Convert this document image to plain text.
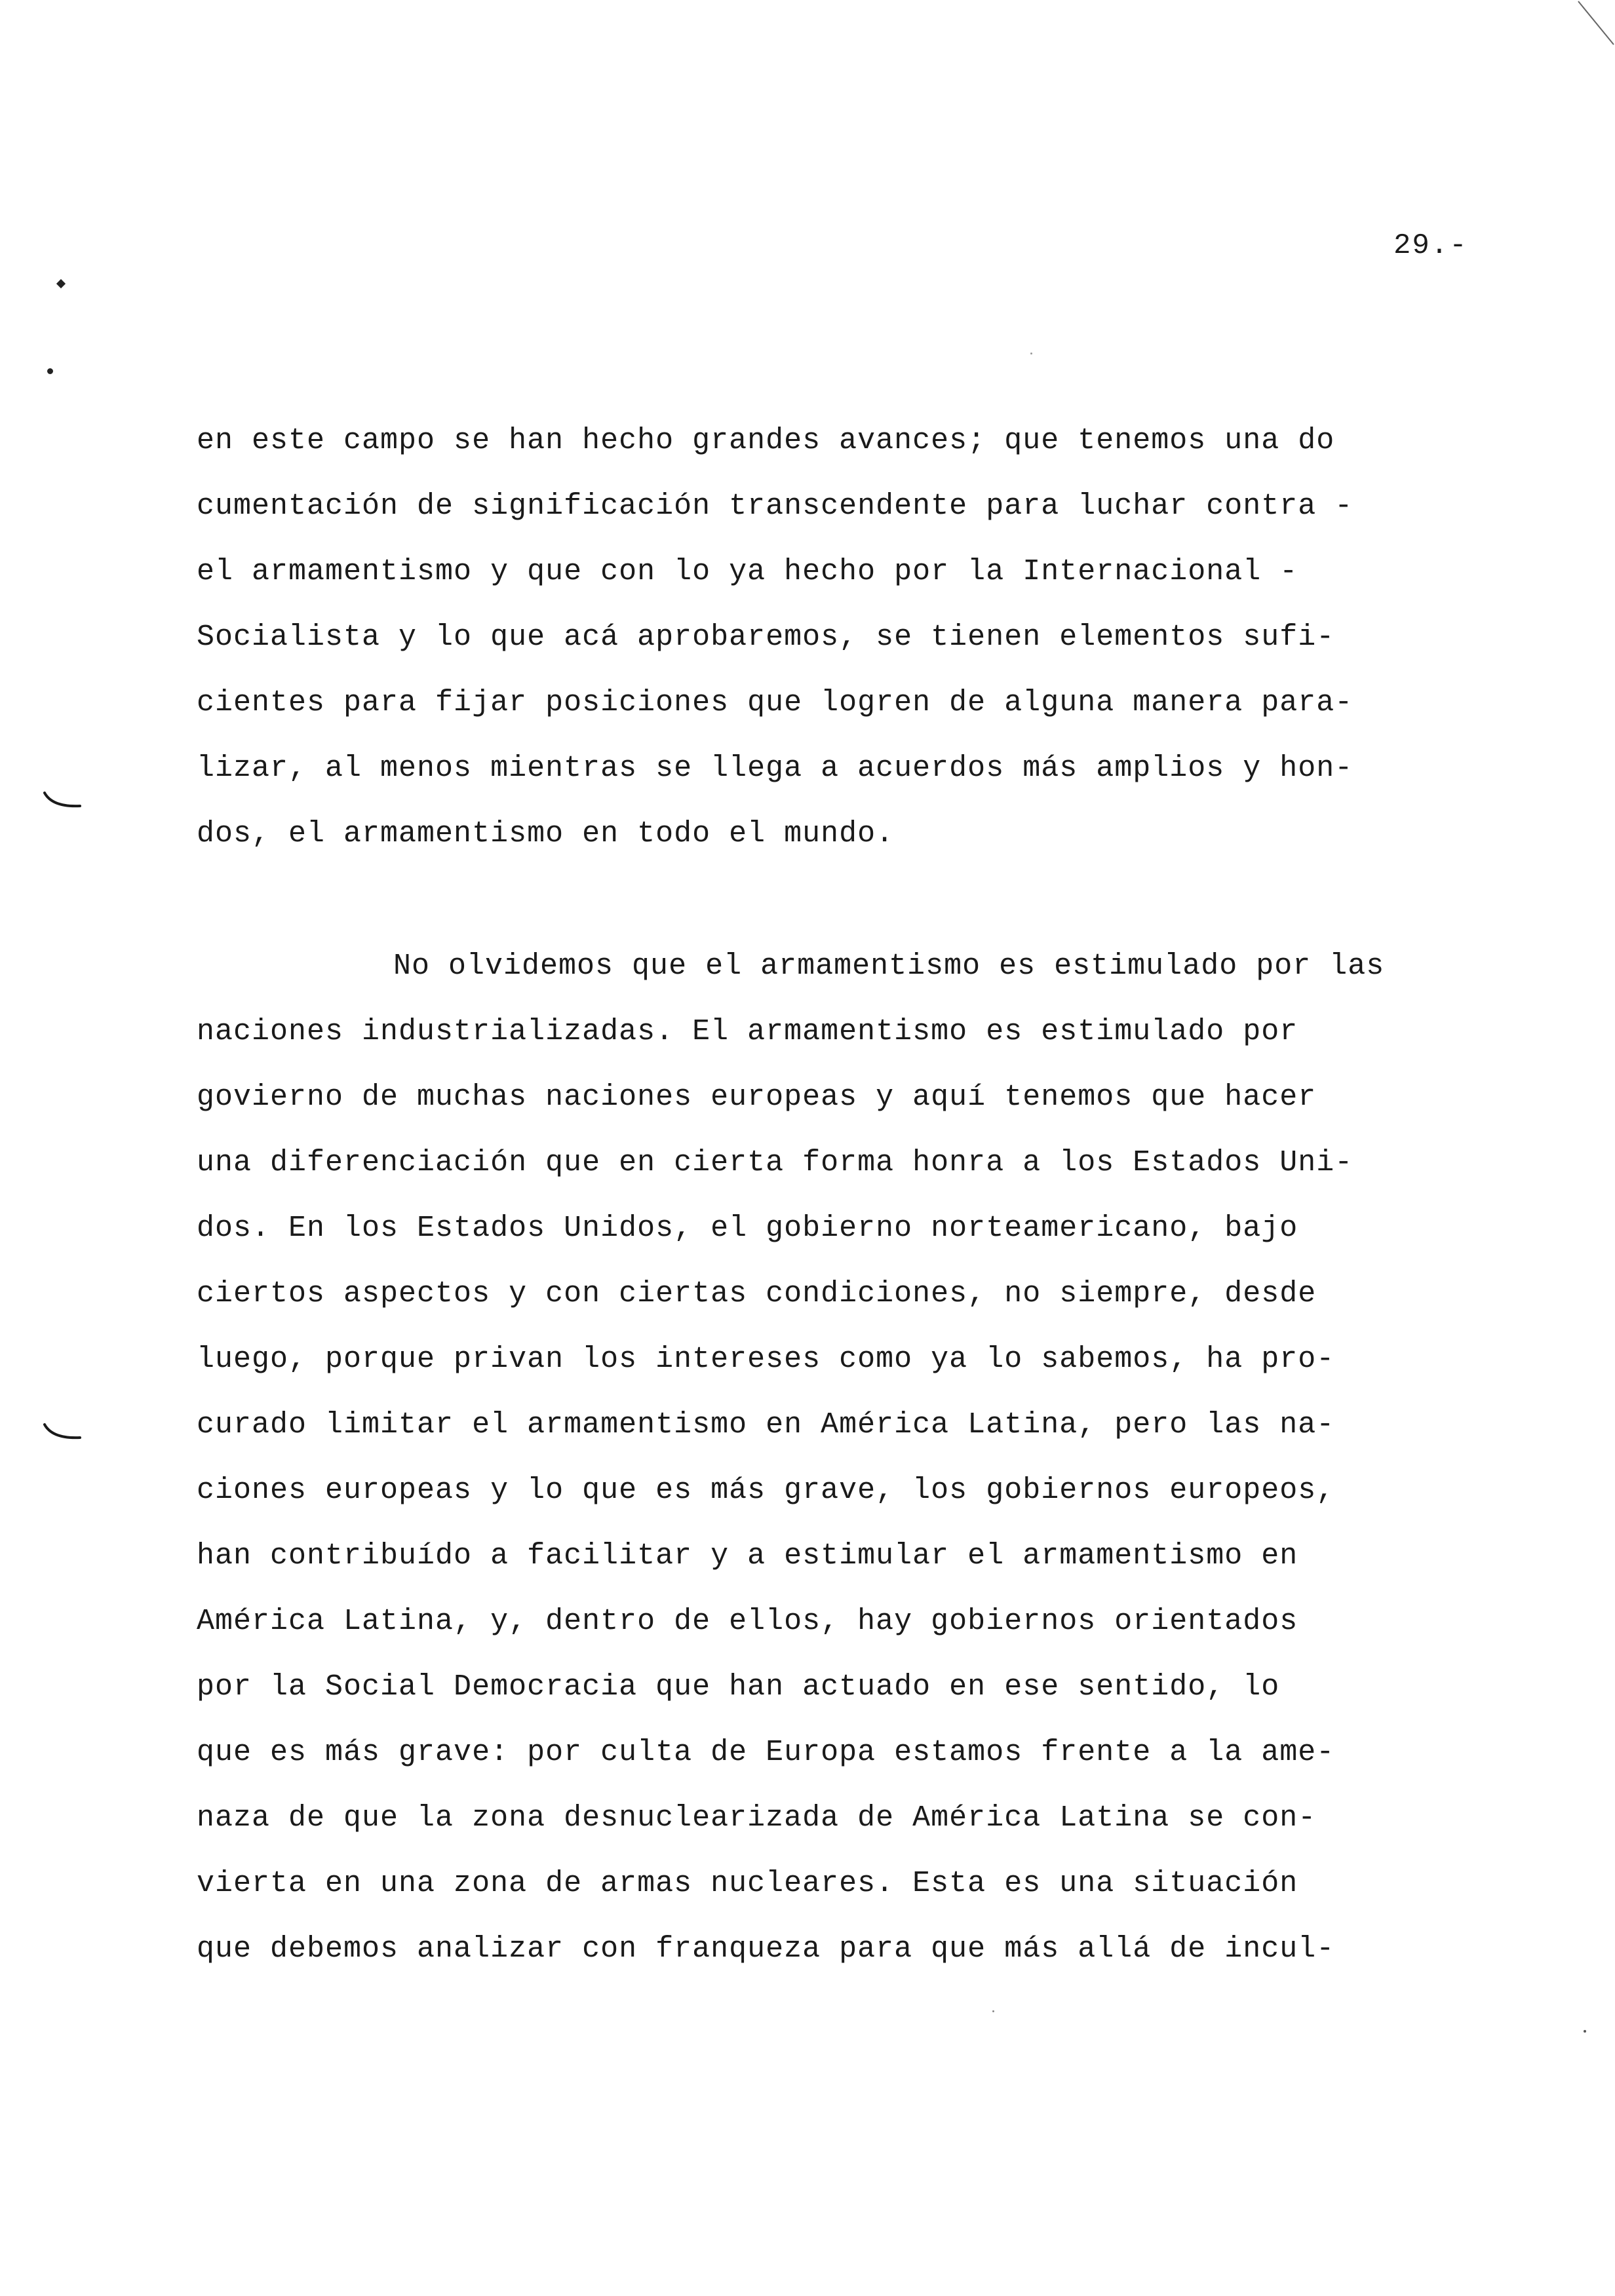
29.-
en este campo se han hecho grandes avances; que tenemos una do
cumentación de significación transcendente para luchar contra -
el armamentismo y que con lo ya hecho por la Internacional -
Socialista y lo que acá aprobaremos, se tienen elementos sufi-
cientes para fijar posiciones que logren de alguna manera para-
lizar, al menos mientras se llega a acuerdos más amplios y hon-
dos, el armamentismo en todo el mundo.
No olvidemos que el armamentismo es estimulado por las
naciones industrializadas. El armamentismo es estimulado por
govierno de muchas naciones europeas y aquí tenemos que hacer
una diferenciación que en cierta forma honra a los Estados Uni-
dos. En los Estados Unidos, el gobierno norteamericano, bajo
ciertos aspectos y con ciertas condiciones, no siempre, desde
luego, porque privan los intereses como ya lo sabemos, ha pro-
curado limitar el armamentismo en América Latina, pero las na-
ciones europeas y lo que es más grave, los gobiernos europeos,
han contribuído a facilitar y a estimular el armamentismo en
América Latina, y, dentro de ellos, hay gobiernos orientados
por la Social Democracia que han actuado en ese sentido, lo
que es más grave: por culta de Europa estamos frente a la ame-
naza de que la zona desnuclearizada de América Latina se con-
vierta en una zona de armas nucleares. Esta es una situación
que debemos analizar con franqueza para que más allá de incul-
